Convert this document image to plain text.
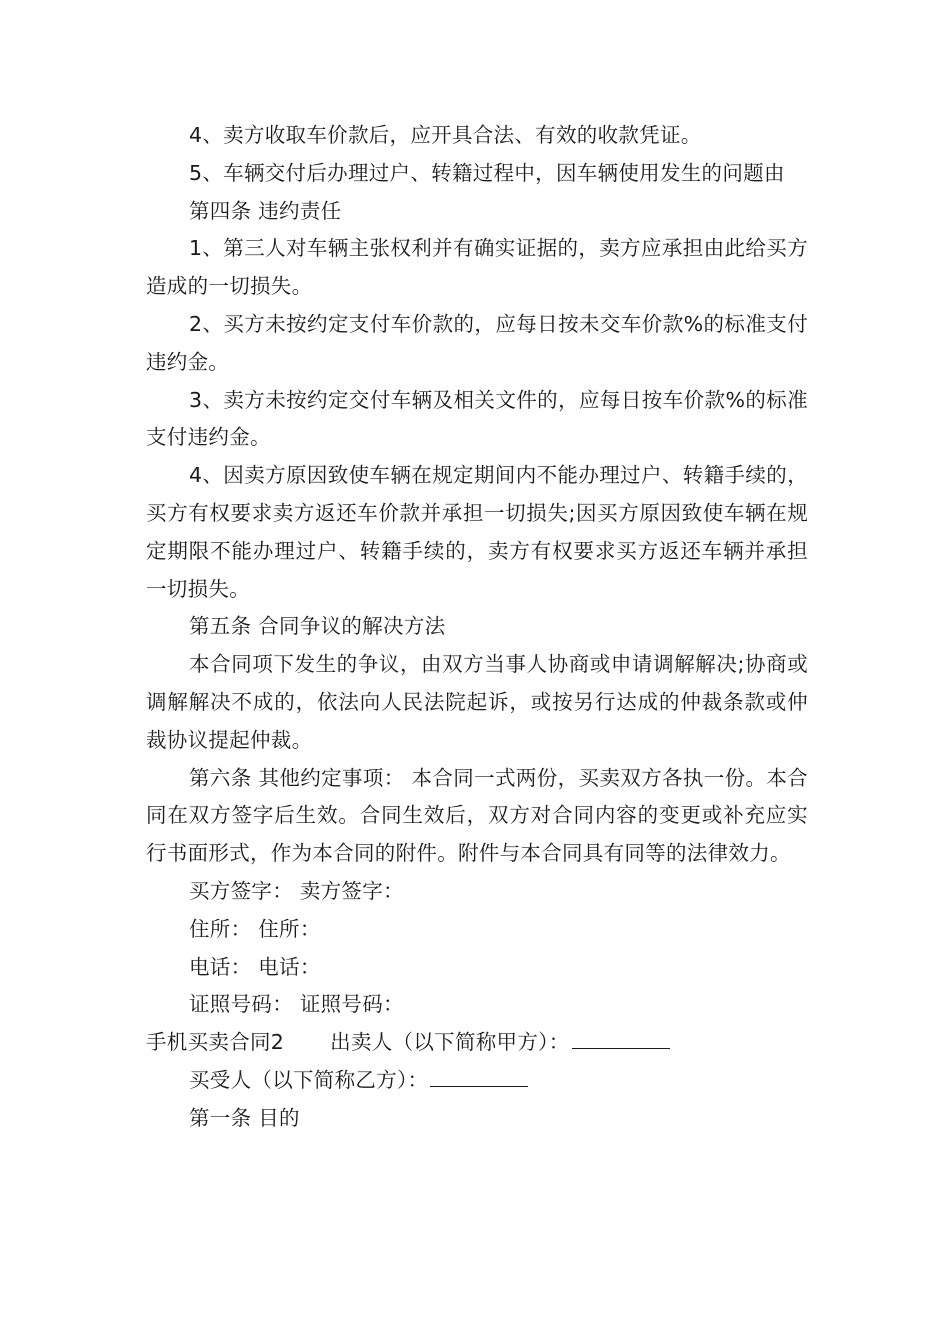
4、卖方收取车价款后，应开具合法、有效的收款凭证。

5、车辆交付后办理过户、转籍过程中，因车辆使用发生的问题由

第四条 违约责任

1、第三人对车辆主张权利并有确实证据的，卖方应承担由此给买方造成的一切损失。

2、买方未按约定支付车价款的，应每日按未交车价款%的标准支付违约金。

3、卖方未按约定交付车辆及相关文件的，应每日按车价款%的标准支付违约金。

4、因卖方原因致使车辆在规定期间内不能办理过户、转籍手续的，买方有权要求卖方返还车价款并承担一切损失;因买方原因致使车辆在规定期限不能办理过户、转籍手续的，卖方有权要求买方返还车辆并承担一切损失。

第五条 合同争议的解决方法

本合同项下发生的争议，由双方当事人协商或申请调解解决;协商或调解解决不成的，依法向人民法院起诉，或按另行达成的仲裁条款或仲裁协议提起仲裁。

第六条 其他约定事项： 本合同一式两份，买卖双方各执一份。本合同在双方签字后生效。合同生效后，双方对合同内容的变更或补充应实行书面形式，作为本合同的附件。附件与本合同具有同等的法律效力。

买方签字： 卖方签字：

住所： 住所：

电话： 电话：

证照号码： 证照号码：

手机买卖合同2 出卖人（以下简称甲方）：

买受人（以下简称乙方）：

第一条 目的
